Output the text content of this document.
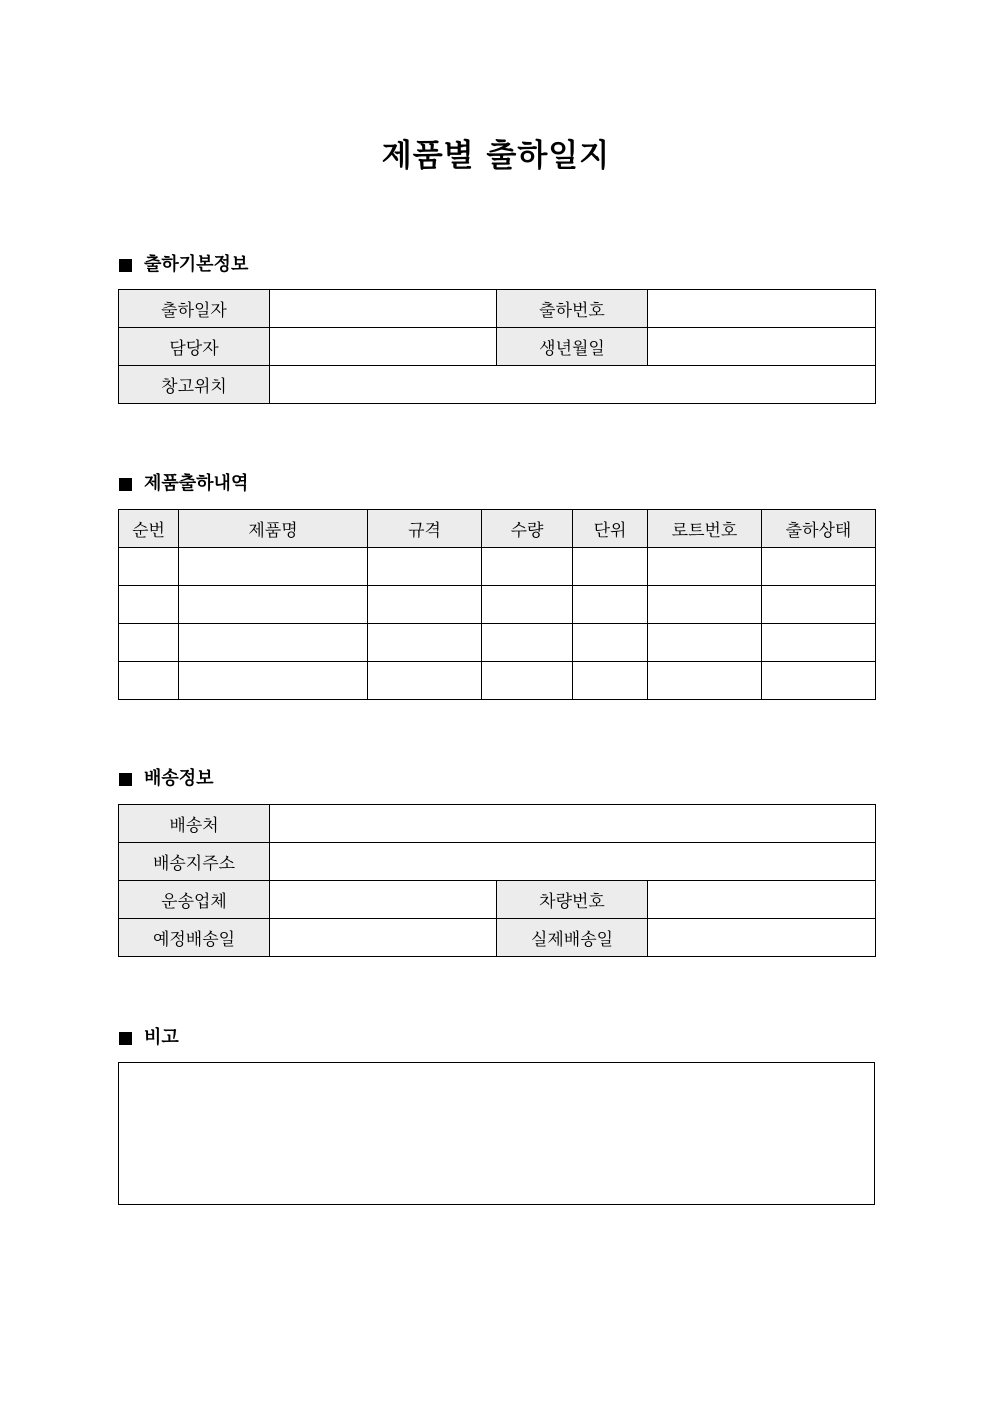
제품별 출하일지
출하기본정보
출하일자		출하번호	
담당자		생년월일	
창고위치			
제품출하내역
순번	제품명	규격	수량	단위	로트번호	출하상태

배송정보
배송처			
배송지주소			
운송업체		차량번호	
예정배송일		실제배송일	
비고
